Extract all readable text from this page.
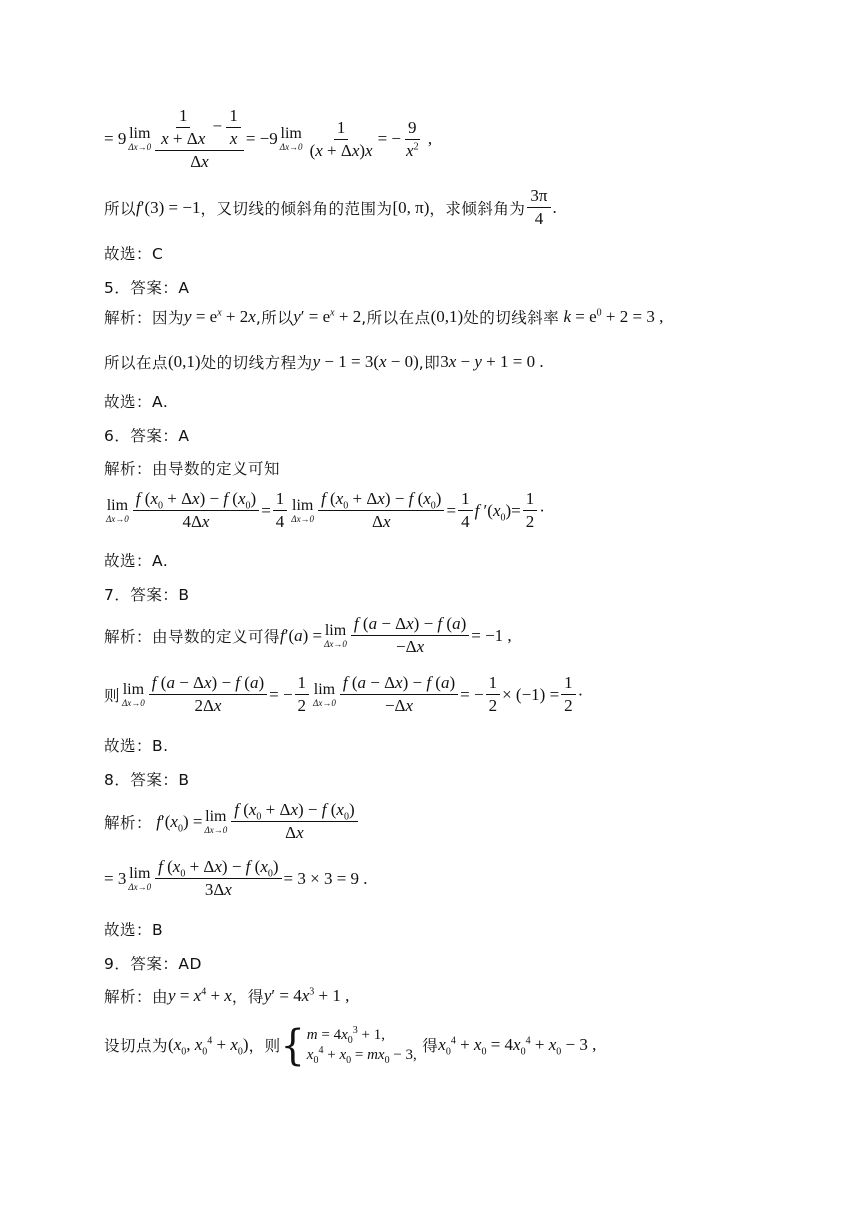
= 9 lim
$\Delta x\to 0 \frac{\frac{1}{x + \Delta x} - \frac{1}{x}}{\Delta x} = -9$ lim
$\Delta x\to 0 \frac{1}{(x + \Delta x)x}$ = − $\frac{9}{x^2}$ ,
所以 f′(3) = −1 ，又切线的倾斜角的范围为 [0, π) ，求倾斜角为 $\frac{3\pi}{4}$ .
故选：C
5．答案：A
解析： 因为 $y = e^x + 2x$ ,所以 $y' = e^x + 2$ ,所以在点 (0,1) 处的切线斜率 $k = e^0 + 2 = 3$ ,
所以在点 (0,1) 处的切线方程为 y − 1 = 3(x − 0) ,即 3x − y + 1 = 0 .
故选：A.
6．答案：A
解析：由导数的定义可知
lim
$\Delta x\to 0 \frac{f (x_0 + \Delta x) - f (x_0)}{4\Delta x} = \frac{1}{4}$ lim
$\Delta x\to 0 \frac{f (x_0 + \Delta x) - f (x_0)}{\Delta x} = \frac{1}{4}$ f $'(x_0)= \frac{1}{2}$ ·
故选：A.
7．答案：B
解析：由导数的定义可得 f′(a) = lim
$\Delta x\to 0 \frac{f (a - \Delta x) - f (a)}{-\Delta x} = -1$ ,
则 lim
$\Delta x\to 0 \frac{f (a - \Delta x) - f (a)}{2\Delta x}$ = − $\frac{1}{2}$ lim
$\Delta x\to 0 \frac{f (a - \Delta x) - f (a)}{-\Delta x}$ = − $\frac{1}{2} \times (-1) = \frac{1}{2}$ ·
故选：B.
8．答案：B
解析： $f'(x_0) = \lim$
$\Delta x\to 0 \frac{f (x_0 + \Delta x) - f (x_0)}{\Delta x}$
= 3 lim
$\Delta x\to 0 \frac{f (x_0 + \Delta x) - f (x_0)}{3\Delta x} = 3 \times 3 = 9$ .
故选：B
9．答案：AD
解析：由 $y = x^4 + x$ ，得 $y' = 4x^3 + 1$ ,
设切点为 ($x_0$, $x_0^4 + x_0$) ，则 { $m = 4x_0^3 + 1$,
$x_0^4 + x_0 = mx_0 - 3$,
得 $x_0^4 + x_0 = 4x_0^4 + x_0 - 3$ ,
